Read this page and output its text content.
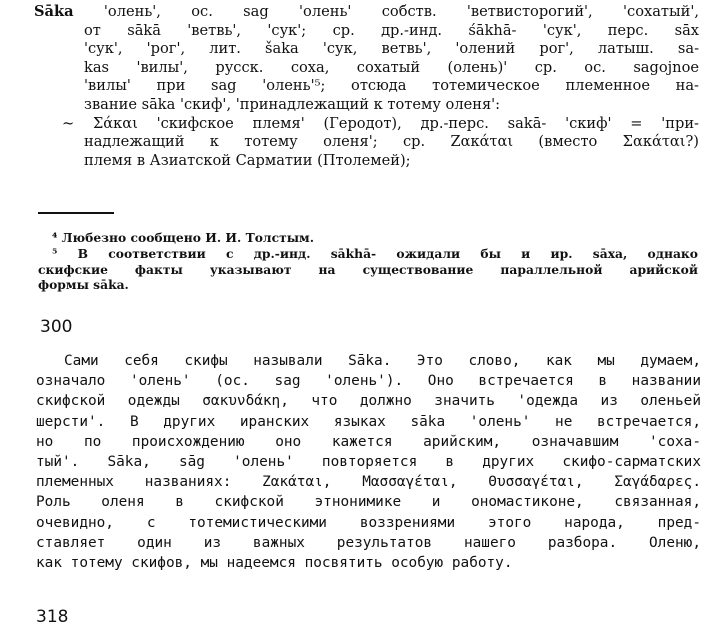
Sāka 'олень', ос. sag 'олень' собств. 'ветвисторогий', 'сохатый',
от sākā 'ветвь', 'сук'; ср. др.-инд. śākhā- 'сук', перс. sāx
'сук', 'рог', лит. šaka 'сук, ветвь', 'олений рог', латыш. sa-
kas 'вилы', русск. соха, сохатый (олень)' ср. ос. sagojnoe
'вилы' при sag 'олень'⁵; отсюда тотемическое племенное на-
звание sāka 'скиф', 'принадлежащий к тотему оленя':
~ Σάκαι 'скифское племя' (Геродот), др.-перс. sakā- 'скиф' = 'при-
надлежащий к тотему оленя'; ср. Ζακάται (вместо Σακάται?)
племя в Азиатской Сарматии (Птолемей);
⁴ Любезно сообщено И. И. Толстым.
⁵ В соответствии с др.-инд. sākhā- ожидали бы и ир. sāxa, однако
скифские факты указывают на существование параллельной арийской
формы sāka.
300
Сами себя скифы называли Sāka. Это слово, как мы думаем,
означало 'олень' (ос. sag 'олень'). Оно встречается в названии
скифской одежды σακυνδάκη, что должно значить 'одежда из оленьей
шерсти'. В других иранских языках sāka 'олень' не встречается,
но по происхождению оно кажется арийским, означавшим 'соха-
тый'. Sāka, sāg 'олень' повторяется в других скифо-сарматских
племенных названиях: Ζακάται, Μασσαγέται, Θυσσαγέται, Σαγάδαρες.
Роль оленя в скифской этнонимике и ономастиконе, связанная,
очевидно, с тотемистическими воззрениями этого народа, пред-
ставляет один из важных результатов нашего разбора. Оленю,
как тотему скифов, мы надеемся посвятить особую работу.
318
